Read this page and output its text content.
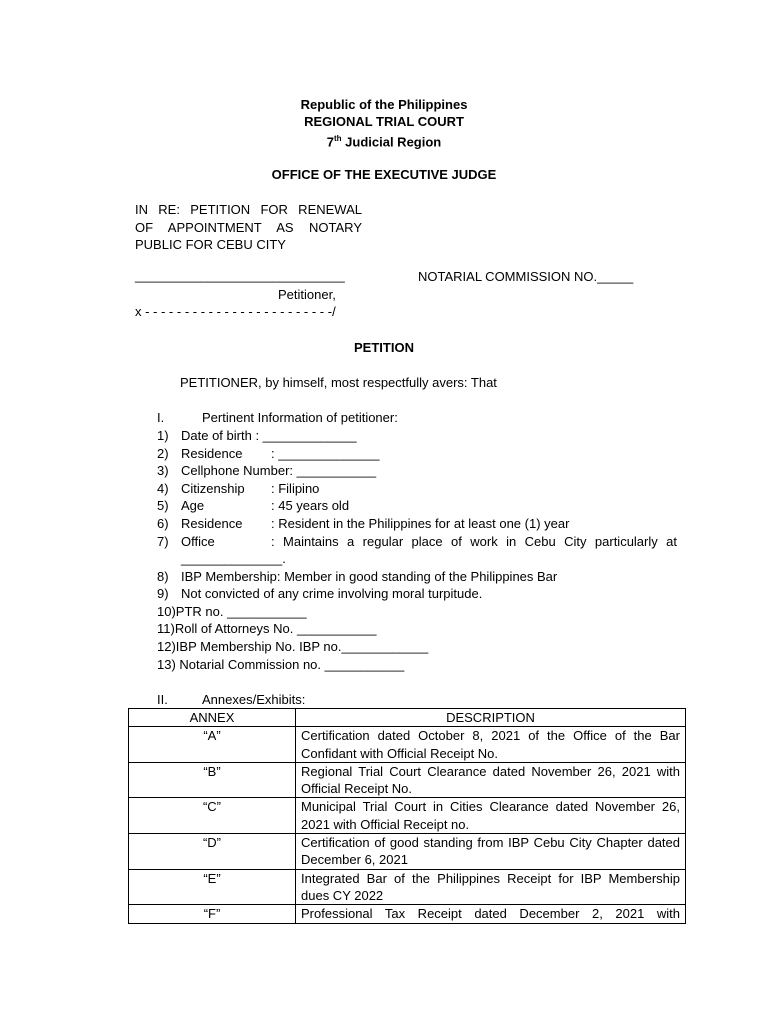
Republic of the Philippines
REGIONAL TRIAL COURT
7th Judicial Region
OFFICE OF THE EXECUTIVE JUDGE
IN RE: PETITION FOR RENEWAL
OF APPOINTMENT AS NOTARY
PUBLIC FOR CEBU CITY
_____________________________	NOTARIAL COMMISSION NO._____
Petitioner,
x - - - - - - - - - - - - - - - - - - - - - - - -/
PETITION
PETITIONER, by himself, most respectfully avers: That
I.	Pertinent Information of petitioner:
1) Date of birth : _____________
2) Residence : ______________
3) Cellphone Number: ___________
4) Citizenship : Filipino
5) Age	: 45 years old
6) Residence : Resident in the Philippines for at least one (1) year
7) Office	: Maintains a regular place of work in Cebu City particularly at ______________.
8) IBP Membership: Member in good standing of the Philippines Bar
9) Not convicted of any crime involving moral turpitude.
10)PTR no. ___________
11)Roll of Attorneys No. ___________
12)IBP Membership No. IBP no.____________
13) Notarial Commission no. ___________
II.	Annexes/Exhibits:
ANNEX	DESCRIPTION
“A”	Certification dated October 8, 2021 of the Office of the Bar Confidant with Official Receipt No.
“B”	Regional Trial Court Clearance dated November 26, 2021 with Official Receipt No.
“C”	Municipal Trial Court in Cities Clearance dated November 26, 2021 with Official Receipt no.
“D”	Certification of good standing from IBP Cebu City Chapter dated December 6, 2021
“E”	Integrated Bar of the Philippines Receipt for IBP Membership dues CY 2022
“F”	Professional Tax Receipt dated December 2, 2021 with
